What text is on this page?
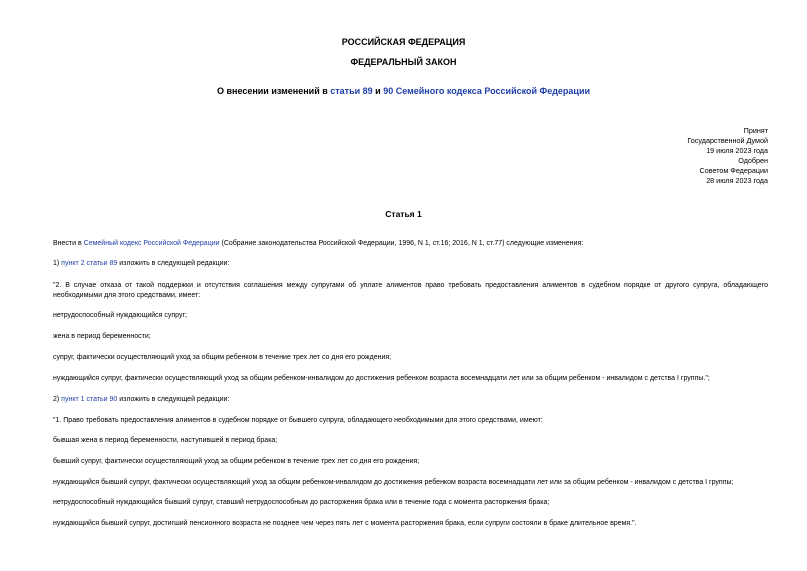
РОССИЙСКАЯ ФЕДЕРАЦИЯ
ФЕДЕРАЛЬНЫЙ ЗАКОН
О внесении изменений в статьи 89 и 90 Семейного кодекса Российской Федерации
Принят
Государственной Думой
19 июля 2023 года
Одобрен
Советом Федерации
28 июля 2023 года
Статья 1
Внести в Семейный кодекс Российской Федерации (Собрание законодательства Российской Федерации, 1996, N 1, ст.16; 2016, N 1, ст.77) следующие изменения:
1) пункт 2 статьи 89 изложить в следующей редакции:
"2. В случае отказа от такой поддержки и отсутствия соглашения между супругами об уплате алиментов право требовать предоставления алиментов в судебном порядке от другого супруга, обладающего необходимыми для этого средствами, имеет:
нетрудоспособный нуждающийся супруг;
жена в период беременности;
супруг, фактически осуществляющий уход за общим ребенком в течение трех лет со дня его рождения;
нуждающийся супруг, фактически осуществляющий уход за общим ребенком-инвалидом до достижения ребенком возраста восемнадцати лет или за общим ребенком - инвалидом с детства I группы.";
2) пункт 1 статьи 90 изложить в следующей редакции:
"1. Право требовать предоставления алиментов в судебном порядке от бывшего супруга, обладающего необходимыми для этого средствами, имеют:
бывшая жена в период беременности, наступившей в период брака;
бывший супруг, фактически осуществляющий уход за общим ребенком в течение трех лет со дня его рождения;
нуждающийся бывший супруг, фактически осуществляющий уход за общим ребенком-инвалидом до достижения ребенком возраста восемнадцати лет или за общим ребенком - инвалидом с детства I группы;
нетрудоспособный нуждающийся бывший супруг, ставший нетрудоспособным до расторжения брака или в течение года с момента расторжения брака;
нуждающийся бывший супруг, достигший пенсионного возраста не позднее чем через пять лет с момента расторжения брака, если супруги состояли в браке длительное время.".
